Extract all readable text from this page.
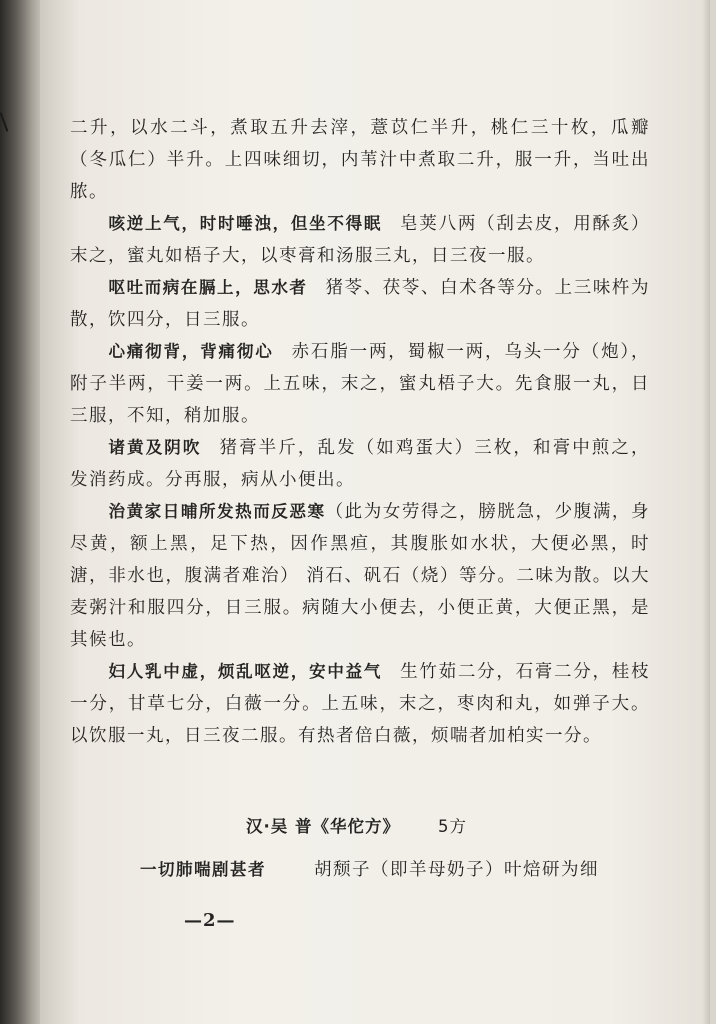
二升，以水二斗，煮取五升去滓，薏苡仁半升，桃仁三十枚，瓜瓣（冬瓜仁）半升。上四味细切，内苇汁中煮取二升，服一升，当吐出脓。

咳逆上气，时时唾浊，但坐不得眠 皂荚八两（刮去皮，用酥炙）末之，蜜丸如梧子大，以枣膏和汤服三丸，日三夜一服。

呕吐而病在膈上，思水者 猪苓、茯苓、白术各等分。上三味杵为散，饮四分，日三服。

心痛彻背，背痛彻心 赤石脂一两，蜀椒一两，乌头一分（炮），附子半两，干姜一两。上五味，末之，蜜丸梧子大。先食服一丸，日三服，不知，稍加服。

诸黄及阴吹 猪膏半斤，乱发（如鸡蛋大）三枚，和膏中煎之，发消药成。分再服，病从小便出。

治黄家日晡所发热而反恶寒（此为女劳得之，膀胱急，少腹满，身尽黄，额上黑，足下热，因作黑疸，其腹胀如水状，大便必黑，时溏，非水也，腹满者难治） 消石、矾石（烧）等分。二味为散。以大麦粥汁和服四分，日三服。病随大小便去，小便正黄，大便正黑，是其候也。

妇人乳中虚，烦乱呕逆，安中益气 生竹茹二分，石膏二分，桂枝一分，甘草七分，白薇一分。上五味，末之，枣肉和丸，如弹子大。以饮服一丸，日三夜二服。有热者倍白薇，烦喘者加柏实一分。

汉·吴 普《华佗方》 5方
一切肺喘剧甚者	胡颓子（即羊母奶子）叶焙研为细
—2—
